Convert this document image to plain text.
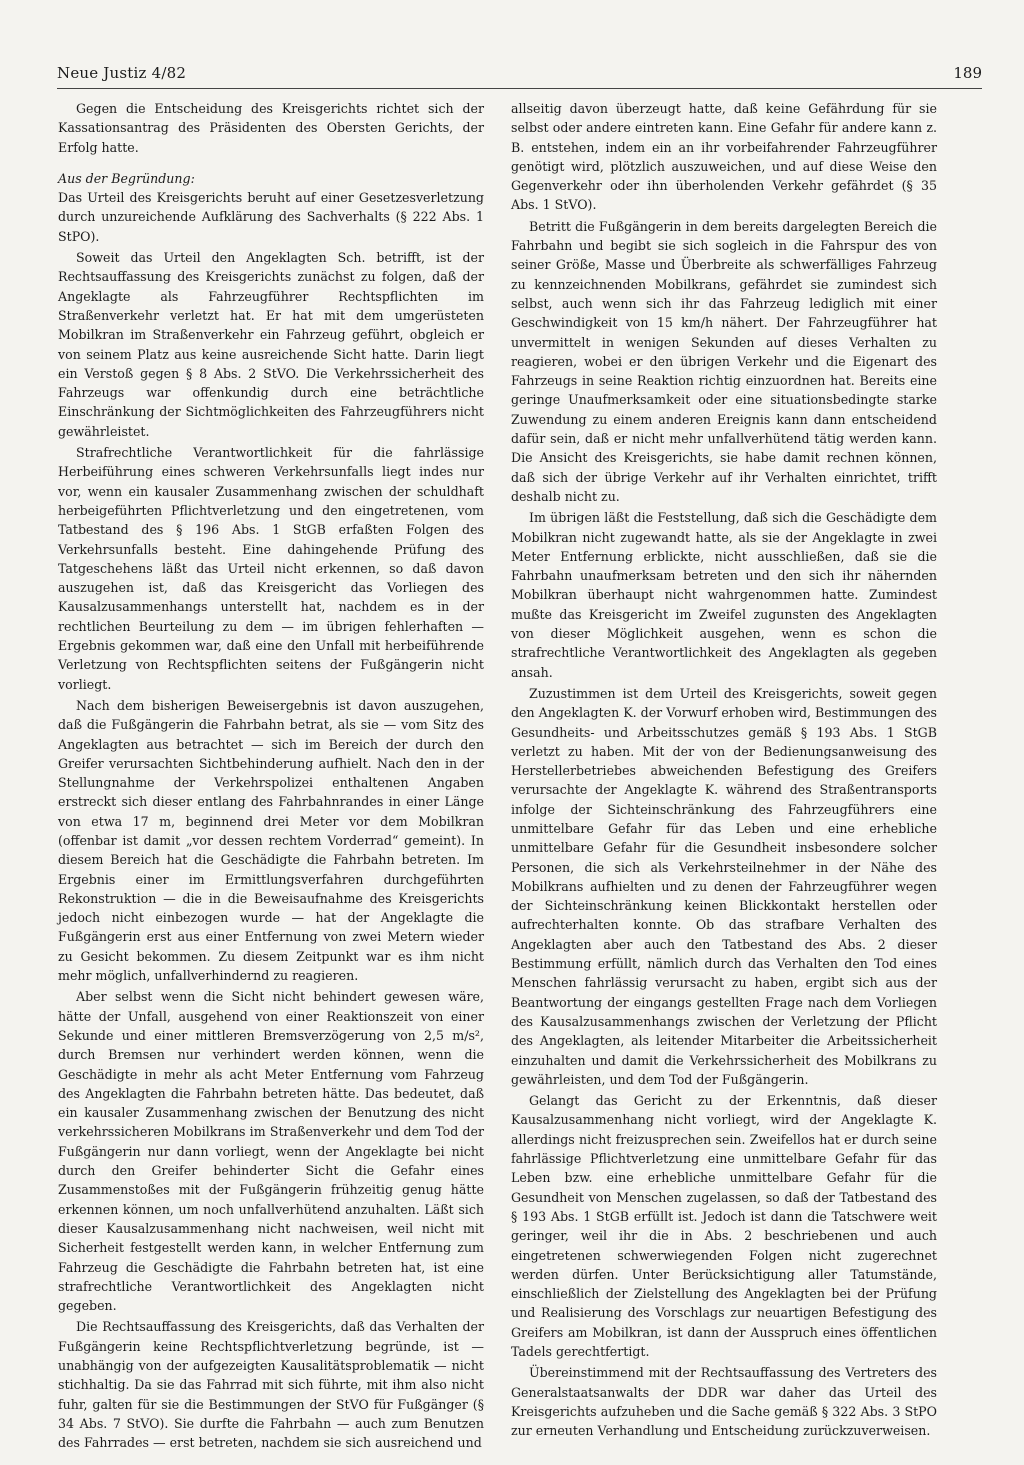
Neue Justiz 4/82	189

Gegen die Entscheidung des Kreisgerichts richtet sich der Kassationsantrag des Präsidenten des Obersten Gerichts, der Erfolg hatte.

Aus der Begründung:

Das Urteil des Kreisgerichts beruht auf einer Gesetzesverletzung durch unzureichende Aufklärung des Sachverhalts (§ 222 Abs. 1 StPO).

Soweit das Urteil den Angeklagten Sch. betrifft, ist der Rechtsauffassung des Kreisgerichts zunächst zu folgen, daß der Angeklagte als Fahrzeugführer Rechtspflichten im Straßenverkehr verletzt hat. Er hat mit dem umgerüsteten Mobilkran im Straßenverkehr ein Fahrzeug geführt, obgleich er von seinem Platz aus keine ausreichende Sicht hatte. Darin liegt ein Verstoß gegen § 8 Abs. 2 StVO. Die Verkehrssicherheit des Fahrzeugs war offenkundig durch eine beträchtliche Einschränkung der Sichtmöglichkeiten des Fahrzeugführers nicht gewährleistet.

Strafrechtliche Verantwortlichkeit für die fahrlässige Herbeiführung eines schweren Verkehrsunfalls liegt indes nur vor, wenn ein kausaler Zusammenhang zwischen der schuldhaft herbeigeführten Pflichtverletzung und den eingetretenen, vom Tatbestand des § 196 Abs. 1 StGB erfaßten Folgen des Verkehrsunfalls besteht. Eine dahingehende Prüfung des Tatgeschehens läßt das Urteil nicht erkennen, so daß davon auszugehen ist, daß das Kreisgericht das Vorliegen des Kausalzusammenhangs unterstellt hat, nachdem es in der rechtlichen Beurteilung zu dem — im übrigen fehlerhaften — Ergebnis gekommen war, daß eine den Unfall mit herbeiführende Verletzung von Rechtspflichten seitens der Fußgängerin nicht vorliegt.

Nach dem bisherigen Beweisergebnis ist davon auszugehen, daß die Fußgängerin die Fahrbahn betrat, als sie — vom Sitz des Angeklagten aus betrachtet — sich im Bereich der durch den Greifer verursachten Sichtbehinderung aufhielt. Nach den in der Stellungnahme der Verkehrspolizei enthaltenen Angaben erstreckt sich dieser entlang des Fahrbahnrandes in einer Länge von etwa 17 m, beginnend drei Meter vor dem Mobilkran (offenbar ist damit „vor dessen rechtem Vorderrad“ gemeint). In diesem Bereich hat die Geschädigte die Fahrbahn betreten. Im Ergebnis einer im Ermittlungsverfahren durchgeführten Rekonstruktion — die in die Beweisaufnahme des Kreisgerichts jedoch nicht einbezogen wurde — hat der Angeklagte die Fußgängerin erst aus einer Entfernung von zwei Metern wieder zu Gesicht bekommen. Zu diesem Zeitpunkt war es ihm nicht mehr möglich, unfallverhindernd zu reagieren.

Aber selbst wenn die Sicht nicht behindert gewesen wäre, hätte der Unfall, ausgehend von einer Reaktionszeit von einer Sekunde und einer mittleren Bremsverzögerung von 2,5 m/s², durch Bremsen nur verhindert werden können, wenn die Geschädigte in mehr als acht Meter Entfernung vom Fahrzeug des Angeklagten die Fahrbahn betreten hätte. Das bedeutet, daß ein kausaler Zusammenhang zwischen der Benutzung des nicht verkehrssicheren Mobilkrans im Straßenverkehr und dem Tod der Fußgängerin nur dann vorliegt, wenn der Angeklagte bei nicht durch den Greifer behinderter Sicht die Gefahr eines Zusammenstoßes mit der Fußgängerin frühzeitig genug hätte erkennen können, um noch unfallverhütend anzuhalten. Läßt sich dieser Kausalzusammenhang nicht nachweisen, weil nicht mit Sicherheit festgestellt werden kann, in welcher Entfernung zum Fahrzeug die Geschädigte die Fahrbahn betreten hat, ist eine strafrechtliche Verantwortlichkeit des Angeklagten nicht gegeben.

Die Rechtsauffassung des Kreisgerichts, daß das Verhalten der Fußgängerin keine Rechtspflichtverletzung begründe, ist — unabhängig von der aufgezeigten Kausalitätsproblematik — nicht stichhaltig. Da sie das Fahrrad mit sich führte, mit ihm also nicht fuhr, galten für sie die Bestimmungen der StVO für Fußgänger (§ 34 Abs. 7 StVO). Sie durfte die Fahrbahn — auch zum Benutzen des Fahrrades — erst betreten, nachdem sie sich ausreichend und

allseitig davon überzeugt hatte, daß keine Gefährdung für sie selbst oder andere eintreten kann. Eine Gefahr für andere kann z. B. entstehen, indem ein an ihr vorbeifahrender Fahrzeugführer genötigt wird, plötzlich auszuweichen, und auf diese Weise den Gegenverkehr oder ihn überholenden Verkehr gefährdet (§ 35 Abs. 1 StVO).

Betritt die Fußgängerin in dem bereits dargelegten Bereich die Fahrbahn und begibt sie sich sogleich in die Fahrspur des von seiner Größe, Masse und Überbreite als schwerfälliges Fahrzeug zu kennzeichnenden Mobilkrans, gefährdet sie zumindest sich selbst, auch wenn sich ihr das Fahrzeug lediglich mit einer Geschwindigkeit von 15 km/h nähert. Der Fahrzeugführer hat unvermittelt in wenigen Sekunden auf dieses Verhalten zu reagieren, wobei er den übrigen Verkehr und die Eigenart des Fahrzeugs in seine Reaktion richtig einzuordnen hat. Bereits eine geringe Unaufmerksamkeit oder eine situationsbedingte starke Zuwendung zu einem anderen Ereignis kann dann entscheidend dafür sein, daß er nicht mehr unfallverhütend tätig werden kann. Die Ansicht des Kreisgerichts, sie habe damit rechnen können, daß sich der übrige Verkehr auf ihr Verhalten einrichtet, trifft deshalb nicht zu.

Im übrigen läßt die Feststellung, daß sich die Geschädigte dem Mobilkran nicht zugewandt hatte, als sie der Angeklagte in zwei Meter Entfernung erblickte, nicht ausschließen, daß sie die Fahrbahn unaufmerksam betreten und den sich ihr nähernden Mobilkran überhaupt nicht wahrgenommen hatte. Zumindest mußte das Kreisgericht im Zweifel zugunsten des Angeklagten von dieser Möglichkeit ausgehen, wenn es schon die strafrechtliche Verantwortlichkeit des Angeklagten als gegeben ansah.

Zuzustimmen ist dem Urteil des Kreisgerichts, soweit gegen den Angeklagten K. der Vorwurf erhoben wird, Bestimmungen des Gesundheits- und Arbeitsschutzes gemäß § 193 Abs. 1 StGB verletzt zu haben. Mit der von der Bedienungsanweisung des Herstellerbetriebes abweichenden Befestigung des Greifers verursachte der Angeklagte K. während des Straßentransports infolge der Sichteinschränkung des Fahrzeugführers eine unmittelbare Gefahr für das Leben und eine erhebliche unmittelbare Gefahr für die Gesundheit insbesondere solcher Personen, die sich als Verkehrsteilnehmer in der Nähe des Mobilkrans aufhielten und zu denen der Fahrzeugführer wegen der Sichteinschränkung keinen Blickkontakt herstellen oder aufrechterhalten konnte. Ob das strafbare Verhalten des Angeklagten aber auch den Tatbestand des Abs. 2 dieser Bestimmung erfüllt, nämlich durch das Verhalten den Tod eines Menschen fahrlässig verursacht zu haben, ergibt sich aus der Beantwortung der eingangs gestellten Frage nach dem Vorliegen des Kausalzusammenhangs zwischen der Verletzung der Pflicht des Angeklagten, als leitender Mitarbeiter die Arbeitssicherheit einzuhalten und damit die Verkehrssicherheit des Mobilkrans zu gewährleisten, und dem Tod der Fußgängerin.

Gelangt das Gericht zu der Erkenntnis, daß dieser Kausalzusammenhang nicht vorliegt, wird der Angeklagte K. allerdings nicht freizusprechen sein. Zweifellos hat er durch seine fahrlässige Pflichtverletzung eine unmittelbare Gefahr für das Leben bzw. eine erhebliche unmittelbare Gefahr für die Gesundheit von Menschen zugelassen, so daß der Tatbestand des § 193 Abs. 1 StGB erfüllt ist. Jedoch ist dann die Tatschwere weit geringer, weil ihr die in Abs. 2 beschriebenen und auch eingetretenen schwerwiegenden Folgen nicht zugerechnet werden dürfen. Unter Berücksichtigung aller Tatumstände, einschließlich der Zielstellung des Angeklagten bei der Prüfung und Realisierung des Vorschlags zur neuartigen Befestigung des Greifers am Mobilkran, ist dann der Ausspruch eines öffentlichen Tadels gerechtfertigt.

Übereinstimmend mit der Rechtsauffassung des Vertreters des Generalstaatsanwalts der DDR war daher das Urteil des Kreisgerichts aufzuheben und die Sache gemäß § 322 Abs. 3 StPO zur erneuten Verhandlung und Entscheidung zurückzuverweisen.
